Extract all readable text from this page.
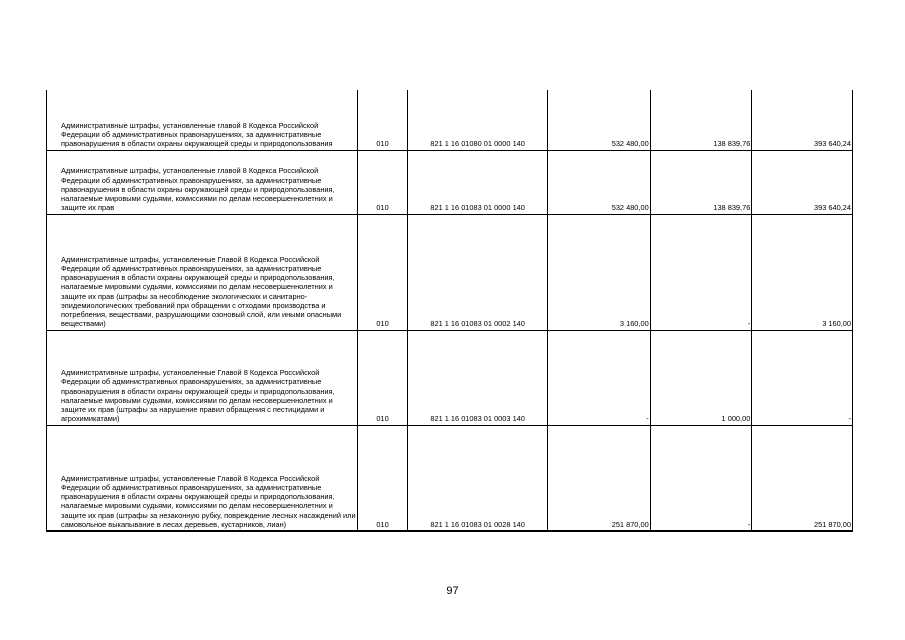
Административные штрафы, установленные главой 8 Кодекса Российской Федерации об административных правонарушениях, за административные правонарушения в области охраны окружающей среды и природопользования	010	821 1 16 01080 01 0000 140	532 480,00	138 839,76	393 640,24
Административные штрафы, установленные главой 8 Кодекса Российской Федерации об административных правонарушениях, за административные правонарушения в области охраны окружающей среды и природопользования, налагаемые мировыми судьями, комиссиями по делам несовершеннолетних и защите их прав	010	821 1 16 01083 01 0000 140	532 480,00	138 839,76	393 640,24
Административные штрафы, установленные Главой 8 Кодекса Российской Федерации об административных правонарушениях, за административные правонарушения в области охраны окружающей среды и природопользования, налагаемые мировыми судьями, комиссиями по делам несовершеннолетних и защите их прав (штрафы за несоблюдение экологических и санитарно-эпидемиологических требований при обращении с отходами производства и потребления, веществами, разрушающими озоновый слой, или иными опасными веществами)	010	821 1 16 01083 01 0002 140	3 160,00	-	3 160,00
Административные штрафы, установленные Главой 8 Кодекса Российской Федерации об административных правонарушениях, за административные правонарушения в области охраны окружающей среды и природопользования, налагаемые мировыми судьями, комиссиями по делам несовершеннолетних и защите их прав (штрафы за нарушение правил обращения с пестицидами и агрохимикатами)	010	821 1 16 01083 01 0003 140	-	1 000,00	-
Административные штрафы, установленные Главой 8 Кодекса Российской Федерации об административных правонарушениях, за административные правонарушения в области охраны окружающей среды и природопользования, налагаемые мировыми судьями, комиссиями по делам несовершеннолетних и защите их прав (штрафы за незаконную рубку, повреждение лесных насаждений или самовольное выкапывание в лесах деревьев, кустарников, лиан)	010	821 1 16 01083 01 0028 140	251 870,00	-	251 870,00
97
